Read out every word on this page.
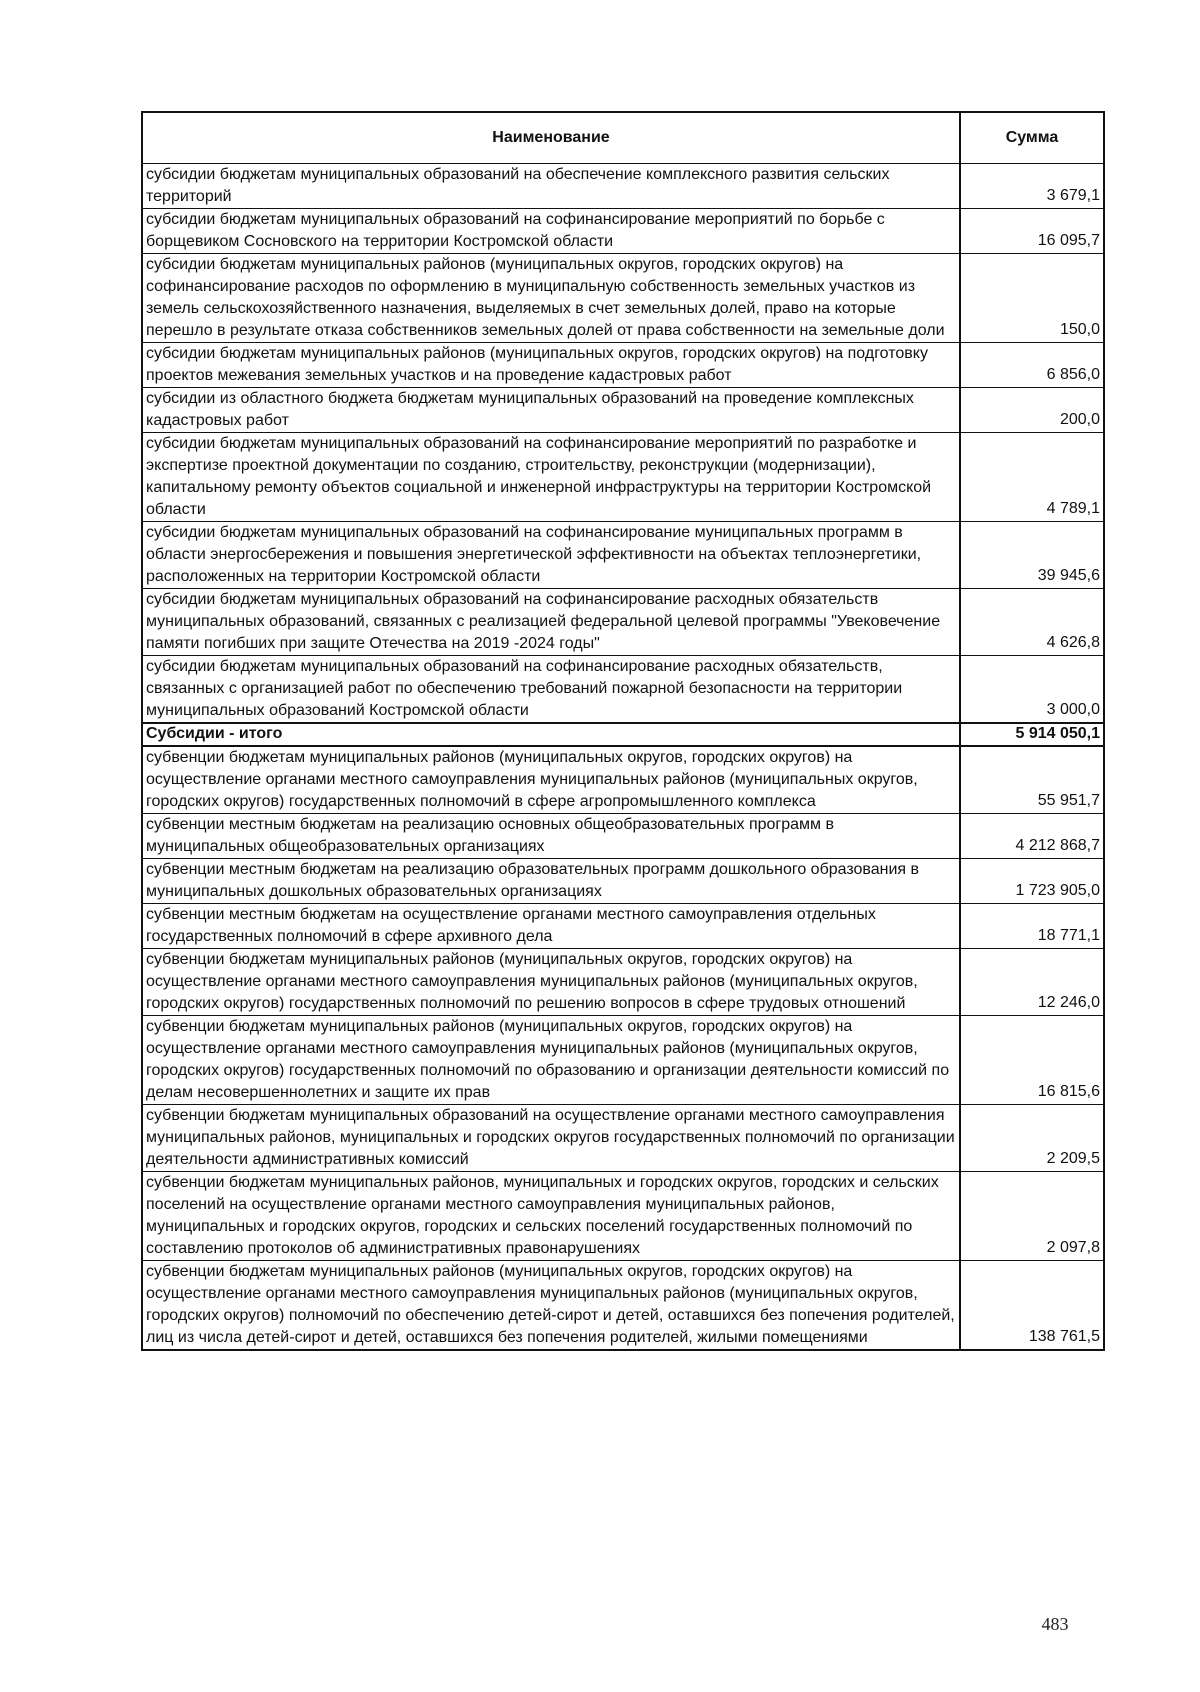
Наименование	Сумма
субсидии бюджетам муниципальных образований на обеспечение комплексного развития сельских территорий	3 679,1
субсидии бюджетам муниципальных образований на софинансирование мероприятий по борьбе с борщевиком Сосновского на территории Костромской области	16 095,7
субсидии бюджетам муниципальных районов (муниципальных округов, городских округов) на софинансирование расходов по оформлению в муниципальную собственность земельных участков из земель сельскохозяйственного назначения, выделяемых в счет земельных долей, право на которые перешло в результате отказа собственников земельных долей от права собственности на земельные доли	150,0
субсидии бюджетам муниципальных районов (муниципальных округов, городских округов) на подготовку проектов межевания земельных участков и на проведение кадастровых работ	6 856,0
субсидии из областного бюджета бюджетам муниципальных образований на проведение комплексных кадастровых работ	200,0
субсидии бюджетам муниципальных образований на софинансирование мероприятий по разработке и экспертизе проектной документации по созданию, строительству, реконструкции (модернизации), капитальному ремонту объектов социальной и инженерной инфраструктуры на территории Костромской области	4 789,1
субсидии бюджетам муниципальных образований на софинансирование муниципальных программ в области энергосбережения и повышения энергетической эффективности на объектах теплоэнергетики, расположенных на территории Костромской области	39 945,6
субсидии бюджетам муниципальных образований на софинансирование расходных обязательств муниципальных образований, связанных с реализацией федеральной целевой программы "Увековечение памяти погибших при защите Отечества на 2019 -2024 годы"	4 626,8
субсидии бюджетам муниципальных образований на софинансирование расходных обязательств, связанных с организацией работ по обеспечению требований пожарной безопасности на территории муниципальных образований Костромской области	3 000,0
Субсидии - итого	5 914 050,1
субвенции бюджетам муниципальных районов (муниципальных округов, городских округов) на осуществление органами местного самоуправления муниципальных районов (муниципальных округов, городских округов) государственных полномочий в сфере агропромышленного комплекса	55 951,7
субвенции местным бюджетам на реализацию основных общеобразовательных программ в муниципальных общеобразовательных организациях	4 212 868,7
субвенции местным бюджетам на реализацию образовательных программ дошкольного образования в муниципальных дошкольных образовательных организациях	1 723 905,0
субвенции местным бюджетам на осуществление органами местного самоуправления отдельных государственных полномочий в сфере архивного дела	18 771,1
субвенции бюджетам муниципальных районов (муниципальных округов, городских округов) на осуществление органами местного самоуправления муниципальных районов (муниципальных округов, городских округов) государственных полномочий по решению вопросов в сфере трудовых отношений	12 246,0
субвенции бюджетам муниципальных районов (муниципальных округов, городских округов) на осуществление органами местного самоуправления муниципальных районов (муниципальных округов, городских округов) государственных полномочий по образованию и организации деятельности комиссий по делам несовершеннолетних и защите их прав	16 815,6
субвенции бюджетам муниципальных образований на осуществление органами местного самоуправления муниципальных районов, муниципальных и городских округов государственных полномочий по организации деятельности административных комиссий	2 209,5
субвенции бюджетам муниципальных районов, муниципальных и городских округов, городских и сельских поселений на осуществление органами местного самоуправления муниципальных районов, муниципальных и городских округов, городских и сельских поселений государственных полномочий по составлению протоколов об административных правонарушениях	2 097,8
субвенции бюджетам муниципальных районов (муниципальных округов, городских округов) на осуществление органами местного самоуправления муниципальных районов (муниципальных округов, городских округов) полномочий по обеспечению детей-сирот и детей, оставшихся без попечения родителей, лиц из числа детей-сирот и детей, оставшихся без попечения родителей, жилыми помещениями	138 761,5
483
